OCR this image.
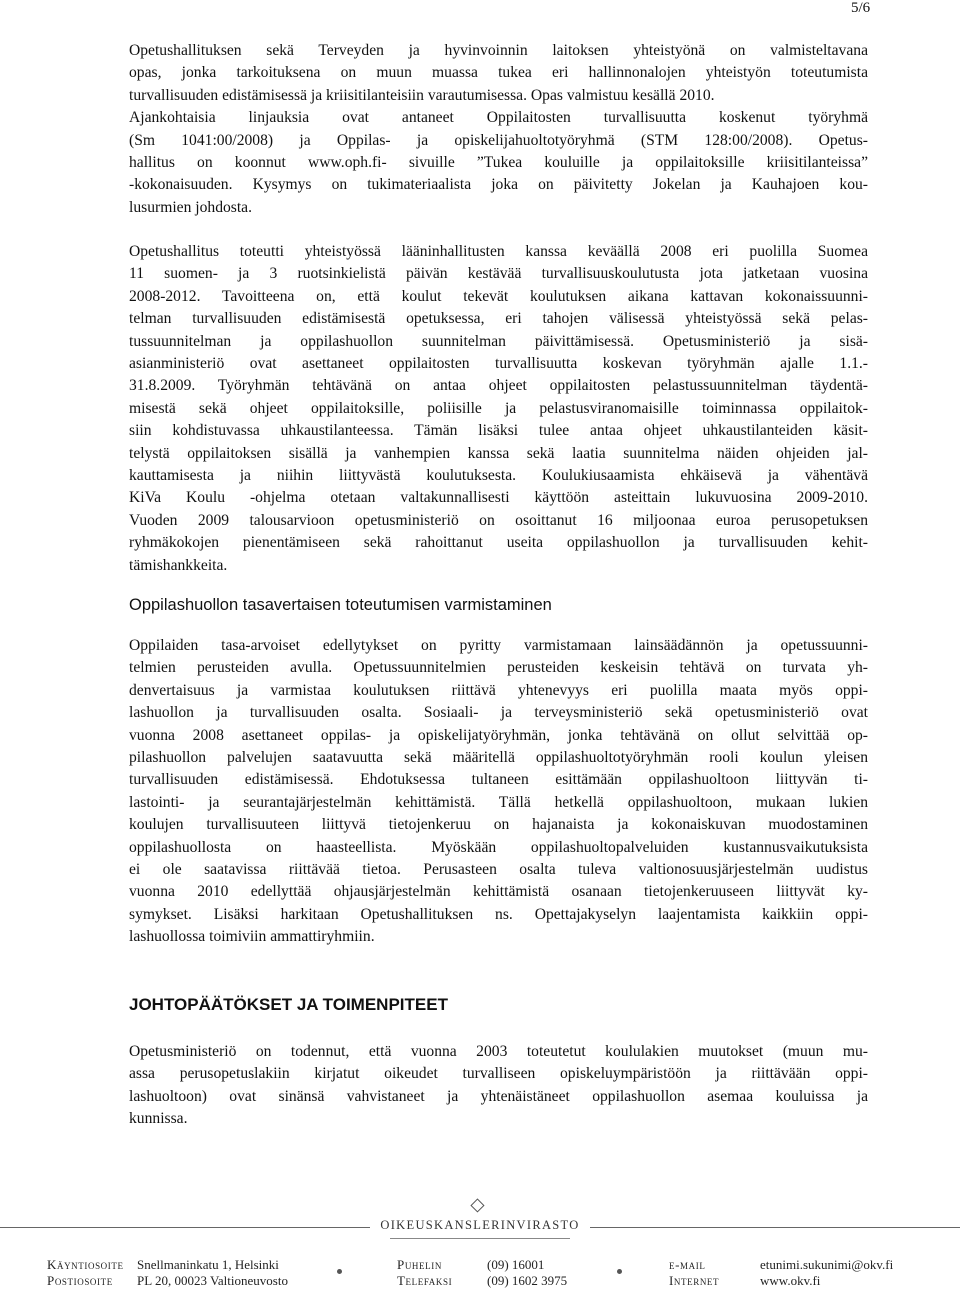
5/6
Opetushallituksen sekä Terveyden ja hyvinvoinnin laitoksen yhteistyönä on valmisteltavana
opas, jonka tarkoituksena on muun muassa tukea eri hallinnonalojen yhteistyön toteutumista
turvallisuuden edistämisessä ja kriisitilanteisiin varautumisessa. Opas valmistuu kesällä 2010.
Ajankohtaisia linjauksia ovat antaneet Oppilaitosten turvallisuutta koskenut työryhmä
(Sm 1041:00/2008) ja Oppilas- ja opiskelijahuoltotyöryhmä (STM 128:00/2008). Opetus-
hallitus on koonnut www.oph.fi- sivuille ”Tukea kouluille ja oppilaitoksille kriisitilanteissa”
-kokonaisuuden. Kysymys on tukimateriaalista joka on päivitetty Jokelan ja Kauhajoen kou-
lusurmien johdosta.
Opetushallitus toteutti yhteistyössä lääninhallitusten kanssa keväällä 2008 eri puolilla Suomea
11 suomen- ja 3 ruotsinkielistä päivän kestävää turvallisuuskoulutusta jota jatketaan vuosina
2008-2012. Tavoitteena on, että koulut tekevät koulutuksen aikana kattavan kokonaissuunni-
telman turvallisuuden edistämisestä opetuksessa, eri tahojen välisessä yhteistyössä sekä pelas-
tussuunnitelman ja oppilashuollon suunnitelman päivittämisessä. Opetusministeriö ja sisä-
asianministeriö ovat asettaneet oppilaitosten turvallisuutta koskevan työryhmän ajalle 1.1.-
31.8.2009. Työryhmän tehtävänä on antaa ohjeet oppilaitosten pelastussuunnitelman täydentä-
misestä sekä ohjeet oppilaitoksille, poliisille ja pelastusviranomaisille toiminnassa oppilaitok-
siin kohdistuvassa uhkaustilanteessa. Tämän lisäksi tulee antaa ohjeet uhkaustilanteiden käsit-
telystä oppilaitoksen sisällä ja vanhempien kanssa sekä laatia suunnitelma näiden ohjeiden jal-
kauttamisesta ja niihin liittyvästä koulutuksesta. Koulukiusaamista ehkäisevä ja vähentävä
KiVa Koulu -ohjelma otetaan valtakunnallisesti käyttöön asteittain lukuvuosina 2009-2010.
Vuoden 2009 talousarvioon opetusministeriö on osoittanut 16 miljoonaa euroa perusopetuksen
ryhmäkokojen pienentämiseen sekä rahoittanut useita oppilashuollon ja turvallisuuden kehit-
tämishankkeita.
Oppilashuollon tasavertaisen toteutumisen varmistaminen
Oppilaiden tasa-arvoiset edellytykset on pyritty varmistamaan lainsäädännön ja opetussuunni-
telmien perusteiden avulla. Opetussuunnitelmien perusteiden keskeisin tehtävä on turvata yh-
denvertaisuus ja varmistaa koulutuksen riittävä yhtenevyys eri puolilla maata myös oppi-
lashuollon ja turvallisuuden osalta. Sosiaali- ja terveysministeriö sekä opetusministeriö ovat
vuonna 2008 asettaneet oppilas- ja opiskelijatyöryhmän, jonka tehtävänä on ollut selvittää op-
pilashuollon palvelujen saatavuutta sekä määritellä oppilashuoltotyöryhmän rooli koulun yleisen
turvallisuuden edistämisessä. Ehdotuksessa tultaneen esittämään oppilashuoltoon liittyvän ti-
lastointi- ja seurantajärjestelmän kehittämistä. Tällä hetkellä oppilashuoltoon, mukaan lukien
koulujen turvallisuuteen liittyvä tietojenkeruu on hajanaista ja kokonaiskuvan muodostaminen
oppilashuollosta on haasteellista. Myöskään oppilashuoltopalveluiden kustannusvaikutuksista
ei ole saatavissa riittävää tietoa. Perusasteen osalta tuleva valtionosuusjärjestelmän uudistus
vuonna 2010 edellyttää ohjausjärjestelmän kehittämistä osanaan tietojenkeruuseen liittyvät ky-
symykset. Lisäksi harkitaan Opetushallituksen ns. Opettajakyselyn laajentamista kaikkiin oppi-
lashuollossa toimiviin ammattiryhmiin.
JOHTOPÄÄTÖKSET JA TOIMENPITEET
Opetusministeriö on todennut, että vuonna 2003 toteutetut koululakien muutokset (muun mu-
assa perusopetuslakiin kirjatut oikeudet turvalliseen opiskeluympäristöön ja riittävään oppi-
lashuoltoon) ovat sinänsä vahvistaneet ja yhtenäistäneet oppilashuollon asemaa kouluissa ja
kunnissa.
OIKEUSKANSLERINVIRASTO
Käyntiosoite Snellmaninkatu 1, Helsinki
Postiosoite PL 20, 00023 Valtioneuvosto
Puhelin	(09) 16001
Telefaksi	(09) 1602 3975
e-mail	etunimi.sukunimi@okv.fi
Internet	www.okv.fi
